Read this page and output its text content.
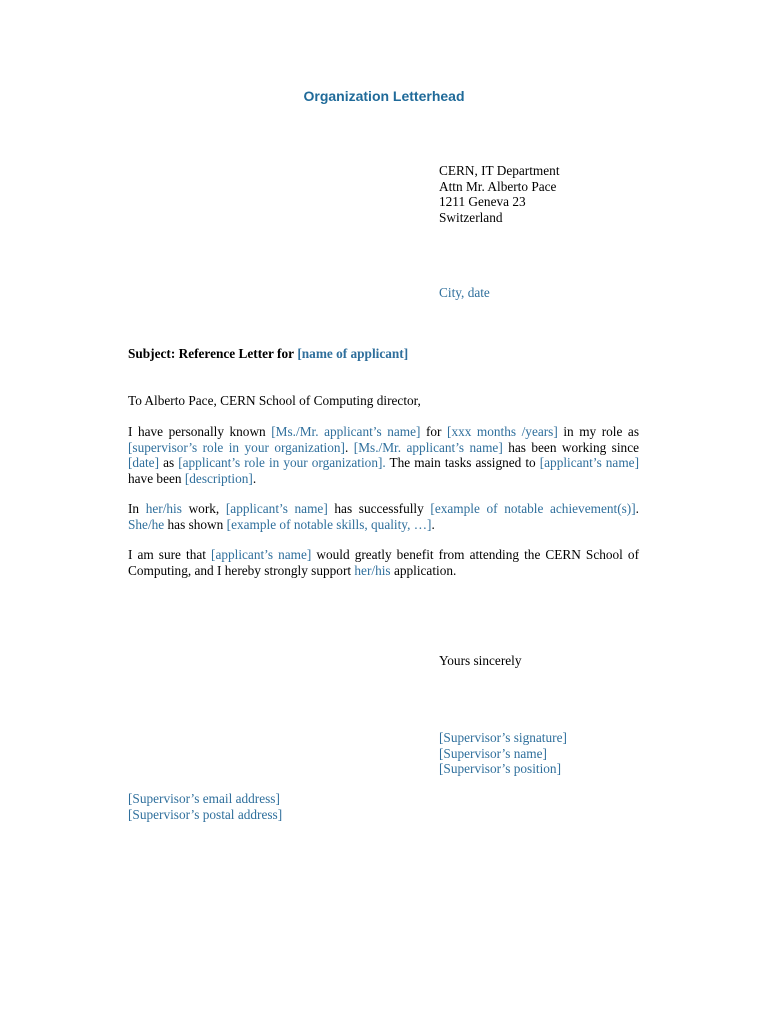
Organization Letterhead
CERN, IT Department
Attn Mr. Alberto Pace
1211 Geneva 23
Switzerland
City, date
Subject: Reference Letter for [name of applicant]
To Alberto Pace, CERN School of Computing director,

I have personally known [Ms./Mr. applicant’s name] for [xxx months /years] in my role as [supervisor’s role in your organization]. [Ms./Mr. applicant’s name] has been working since [date] as [applicant’s role in your organization]. The main tasks assigned to [applicant’s name] have been [description].

In her/his work, [applicant’s name] has successfully [example of notable achievement(s)]. She/he has shown [example of notable skills, quality, …].

I am sure that [applicant’s name] would greatly benefit from attending the CERN School of Computing, and I hereby strongly support her/his application.

Yours sincerely
[Supervisor’s signature]
[Supervisor’s name]
[Supervisor’s position]
[Supervisor’s email address]
[Supervisor’s postal address]
